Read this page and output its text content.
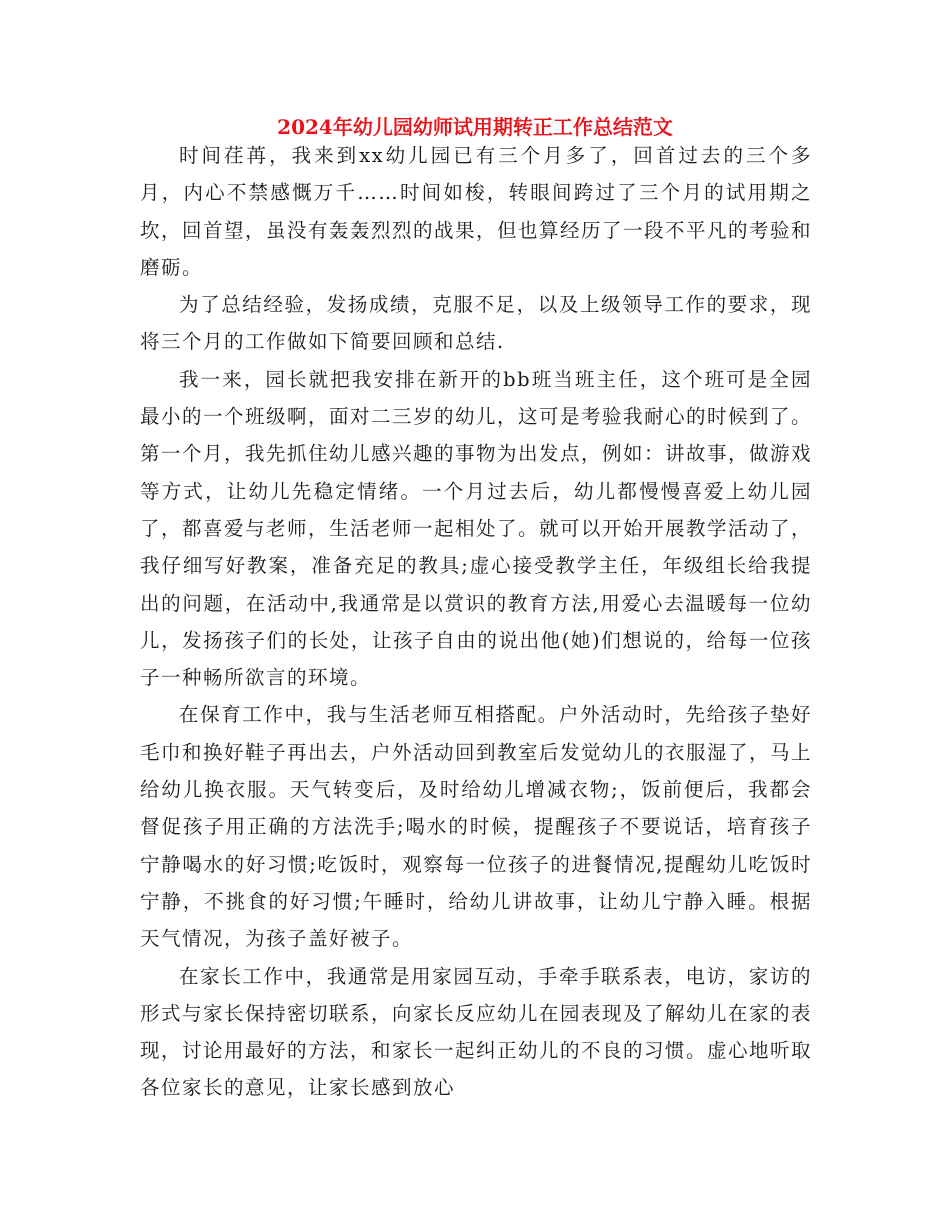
2024年幼儿园幼师试用期转正工作总结范文

时间荏苒，我来到xx幼儿园已有三个月多了，回首过去的三个多月，内心不禁感慨万千……时间如梭，转眼间跨过了三个月的试用期之坎，回首望，虽没有轰轰烈烈的战果，但也算经历了一段不平凡的考验和磨砺。

为了总结经验，发扬成绩，克服不足，以及上级领导工作的要求，现将三个月的工作做如下简要回顾和总结.

我一来，园长就把我安排在新开的bb班当班主任，这个班可是全园最小的一个班级啊，面对二三岁的幼儿，这可是考验我耐心的时候到了。第一个月，我先抓住幼儿感兴趣的事物为出发点，例如：讲故事，做游戏等方式，让幼儿先稳定情绪。一个月过去后，幼儿都慢慢喜爱上幼儿园了，都喜爱与老师，生活老师一起相处了。就可以开始开展教学活动了，我仔细写好教案，准备充足的教具;虚心接受教学主任，年级组长给我提出的问题，在活动中,我通常是以赏识的教育方法,用爱心去温暖每一位幼儿，发扬孩子们的长处，让孩子自由的说出他(她)们想说的，给每一位孩子一种畅所欲言的环境。

在保育工作中，我与生活老师互相搭配。户外活动时，先给孩子垫好毛巾和换好鞋子再出去，户外活动回到教室后发觉幼儿的衣服湿了，马上给幼儿换衣服。天气转变后，及时给幼儿增减衣物;，饭前便后，我都会督促孩子用正确的方法洗手;喝水的时候，提醒孩子不要说话，培育孩子宁静喝水的好习惯;吃饭时，观察每一位孩子的进餐情况,提醒幼儿吃饭时宁静，不挑食的好习惯;午睡时，给幼儿讲故事，让幼儿宁静入睡。根据天气情况，为孩子盖好被子。

在家长工作中，我通常是用家园互动，手牵手联系表，电访，家访的形式与家长保持密切联系，向家长反应幼儿在园表现及了解幼儿在家的表现，讨论用最好的方法，和家长一起纠正幼儿的不良的习惯。虚心地听取各位家长的意见，让家长感到放心
